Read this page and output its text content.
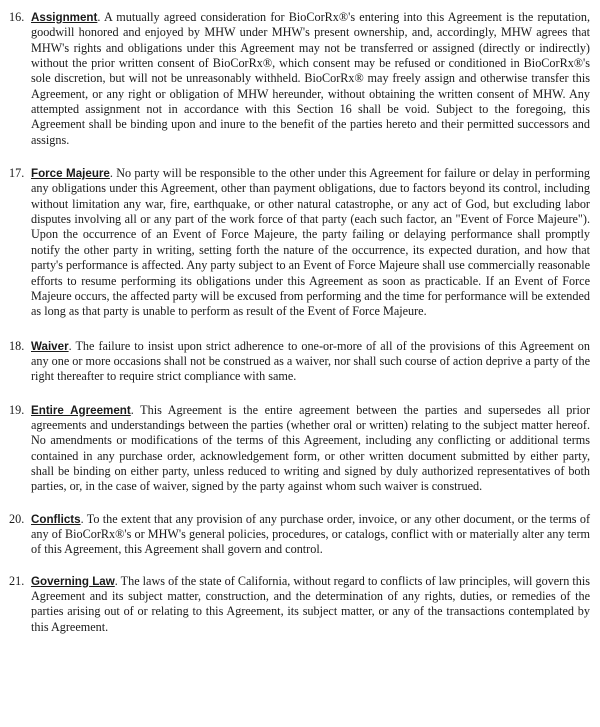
16. Assignment. A mutually agreed consideration for BioCorRx®'s entering into this Agreement is the reputation, goodwill honored and enjoyed by MHW under MHW's present ownership, and, accordingly, MHW agrees that MHW's rights and obligations under this Agreement may not be transferred or assigned (directly or indirectly) without the prior written consent of BioCorRx®, which consent may be refused or conditioned in BioCorRx®'s sole discretion, but will not be unreasonably withheld. BioCorRx® may freely assign and otherwise transfer this Agreement, or any right or obligation of MHW hereunder, without obtaining the written consent of MHW. Any attempted assignment not in accordance with this Section 16 shall be void. Subject to the foregoing, this Agreement shall be binding upon and inure to the benefit of the parties hereto and their permitted successors and assigns.
17. Force Majeure. No party will be responsible to the other under this Agreement for failure or delay in performing any obligations under this Agreement, other than payment obligations, due to factors beyond its control, including without limitation any war, fire, earthquake, or other natural catastrophe, or any act of God, but excluding labor disputes involving all or any part of the work force of that party (each such factor, an "Event of Force Majeure"). Upon the occurrence of an Event of Force Majeure, the party failing or delaying performance shall promptly notify the other party in writing, setting forth the nature of the occurrence, its expected duration, and how that party's performance is affected. Any party subject to an Event of Force Majeure shall use commercially reasonable efforts to resume performing its obligations under this Agreement as soon as practicable. If an Event of Force Majeure occurs, the affected party will be excused from performing and the time for performance will be extended as long as that party is unable to perform as result of the Event of Force Majeure.
18. Waiver. The failure to insist upon strict adherence to one-or-more of all of the provisions of this Agreement on any one or more occasions shall not be construed as a waiver, nor shall such course of action deprive a party of the right thereafter to require strict compliance with same.
19. Entire Agreement. This Agreement is the entire agreement between the parties and supersedes all prior agreements and understandings between the parties (whether oral or written) relating to the subject matter hereof. No amendments or modifications of the terms of this Agreement, including any conflicting or additional terms contained in any purchase order, acknowledgement form, or other written document submitted by either party, shall be binding on either party, unless reduced to writing and signed by duly authorized representatives of both parties, or, in the case of waiver, signed by the party against whom such waiver is construed.
20. Conflicts. To the extent that any provision of any purchase order, invoice, or any other document, or the terms of any of BioCorRx®'s or MHW's general policies, procedures, or catalogs, conflict with or materially alter any term of this Agreement, this Agreement shall govern and control.
21. Governing Law. The laws of the state of California, without regard to conflicts of law principles, will govern this Agreement and its subject matter, construction, and the determination of any rights, duties, or remedies of the parties arising out of or relating to this Agreement, its subject matter, or any of the transactions contemplated by this Agreement.
